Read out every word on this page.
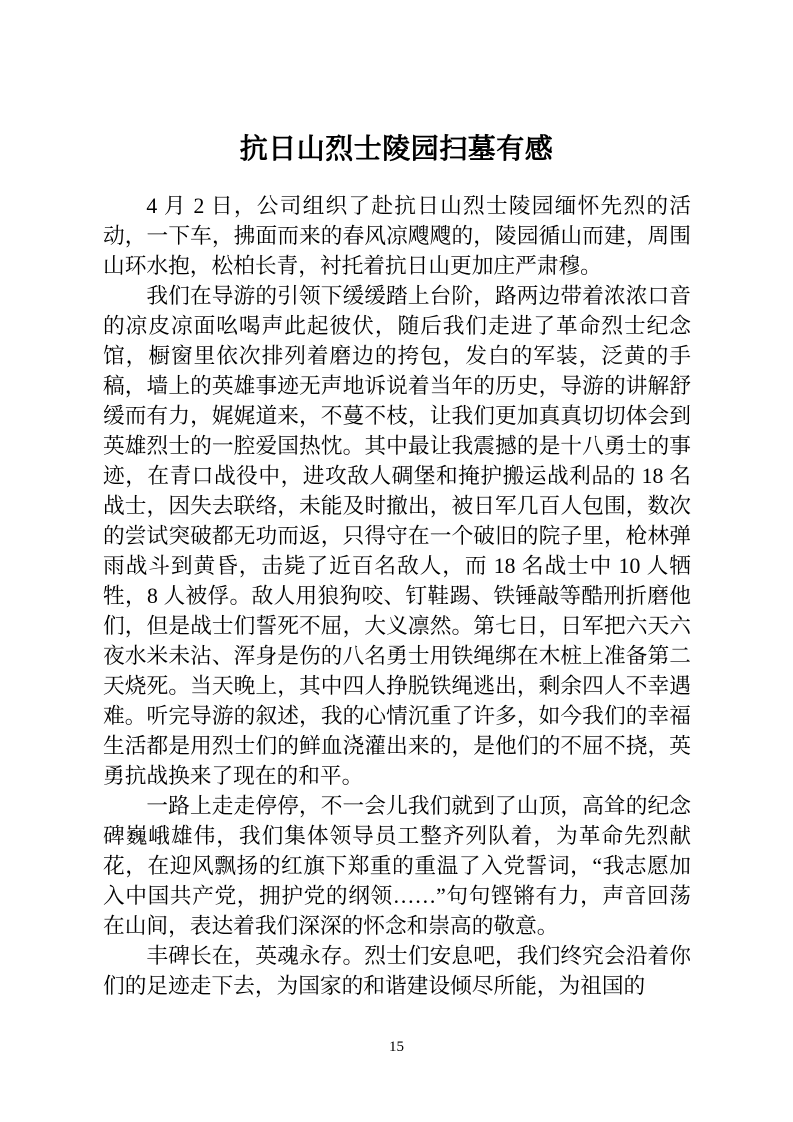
抗日山烈士陵园扫墓有感

4 月 2 日，公司组织了赴抗日山烈士陵园缅怀先烈的活动，一下车，拂面而来的春风凉飕飕的，陵园循山而建，周围山环水抱，松柏长青，衬托着抗日山更加庄严肃穆。

我们在导游的引领下缓缓踏上台阶，路两边带着浓浓口音的凉皮凉面吆喝声此起彼伏，随后我们走进了革命烈士纪念馆，橱窗里依次排列着磨边的挎包，发白的军装，泛黄的手稿，墙上的英雄事迹无声地诉说着当年的历史，导游的讲解舒缓而有力，娓娓道来，不蔓不枝，让我们更加真真切切体会到英雄烈士的一腔爱国热忱。其中最让我震撼的是十八勇士的事迹，在青口战役中，进攻敌人碉堡和掩护搬运战利品的 18 名战士，因失去联络，未能及时撤出，被日军几百人包围，数次的尝试突破都无功而返，只得守在一个破旧的院子里，枪林弹雨战斗到黄昏，击毙了近百名敌人，而 18 名战士中 10 人牺牲，8 人被俘。敌人用狼狗咬、钉鞋踢、铁锤敲等酷刑折磨他们，但是战士们誓死不屈，大义凛然。第七日，日军把六天六夜水米未沾、浑身是伤的八名勇士用铁绳绑在木桩上准备第二天烧死。当天晚上，其中四人挣脱铁绳逃出，剩余四人不幸遇难。听完导游的叙述，我的心情沉重了许多，如今我们的幸福生活都是用烈士们的鲜血浇灌出来的，是他们的不屈不挠，英勇抗战换来了现在的和平。

一路上走走停停，不一会儿我们就到了山顶，高耸的纪念碑巍峨雄伟，我们集体领导员工整齐列队着，为革命先烈献花，在迎风飘扬的红旗下郑重的重温了入党誓词，“我志愿加入中国共产党，拥护党的纲领……”句句铿锵有力，声音回荡在山间，表达着我们深深的怀念和崇高的敬意。

丰碑长在，英魂永存。烈士们安息吧，我们终究会沿着你们的足迹走下去，为国家的和谐建设倾尽所能，为祖国的

15
